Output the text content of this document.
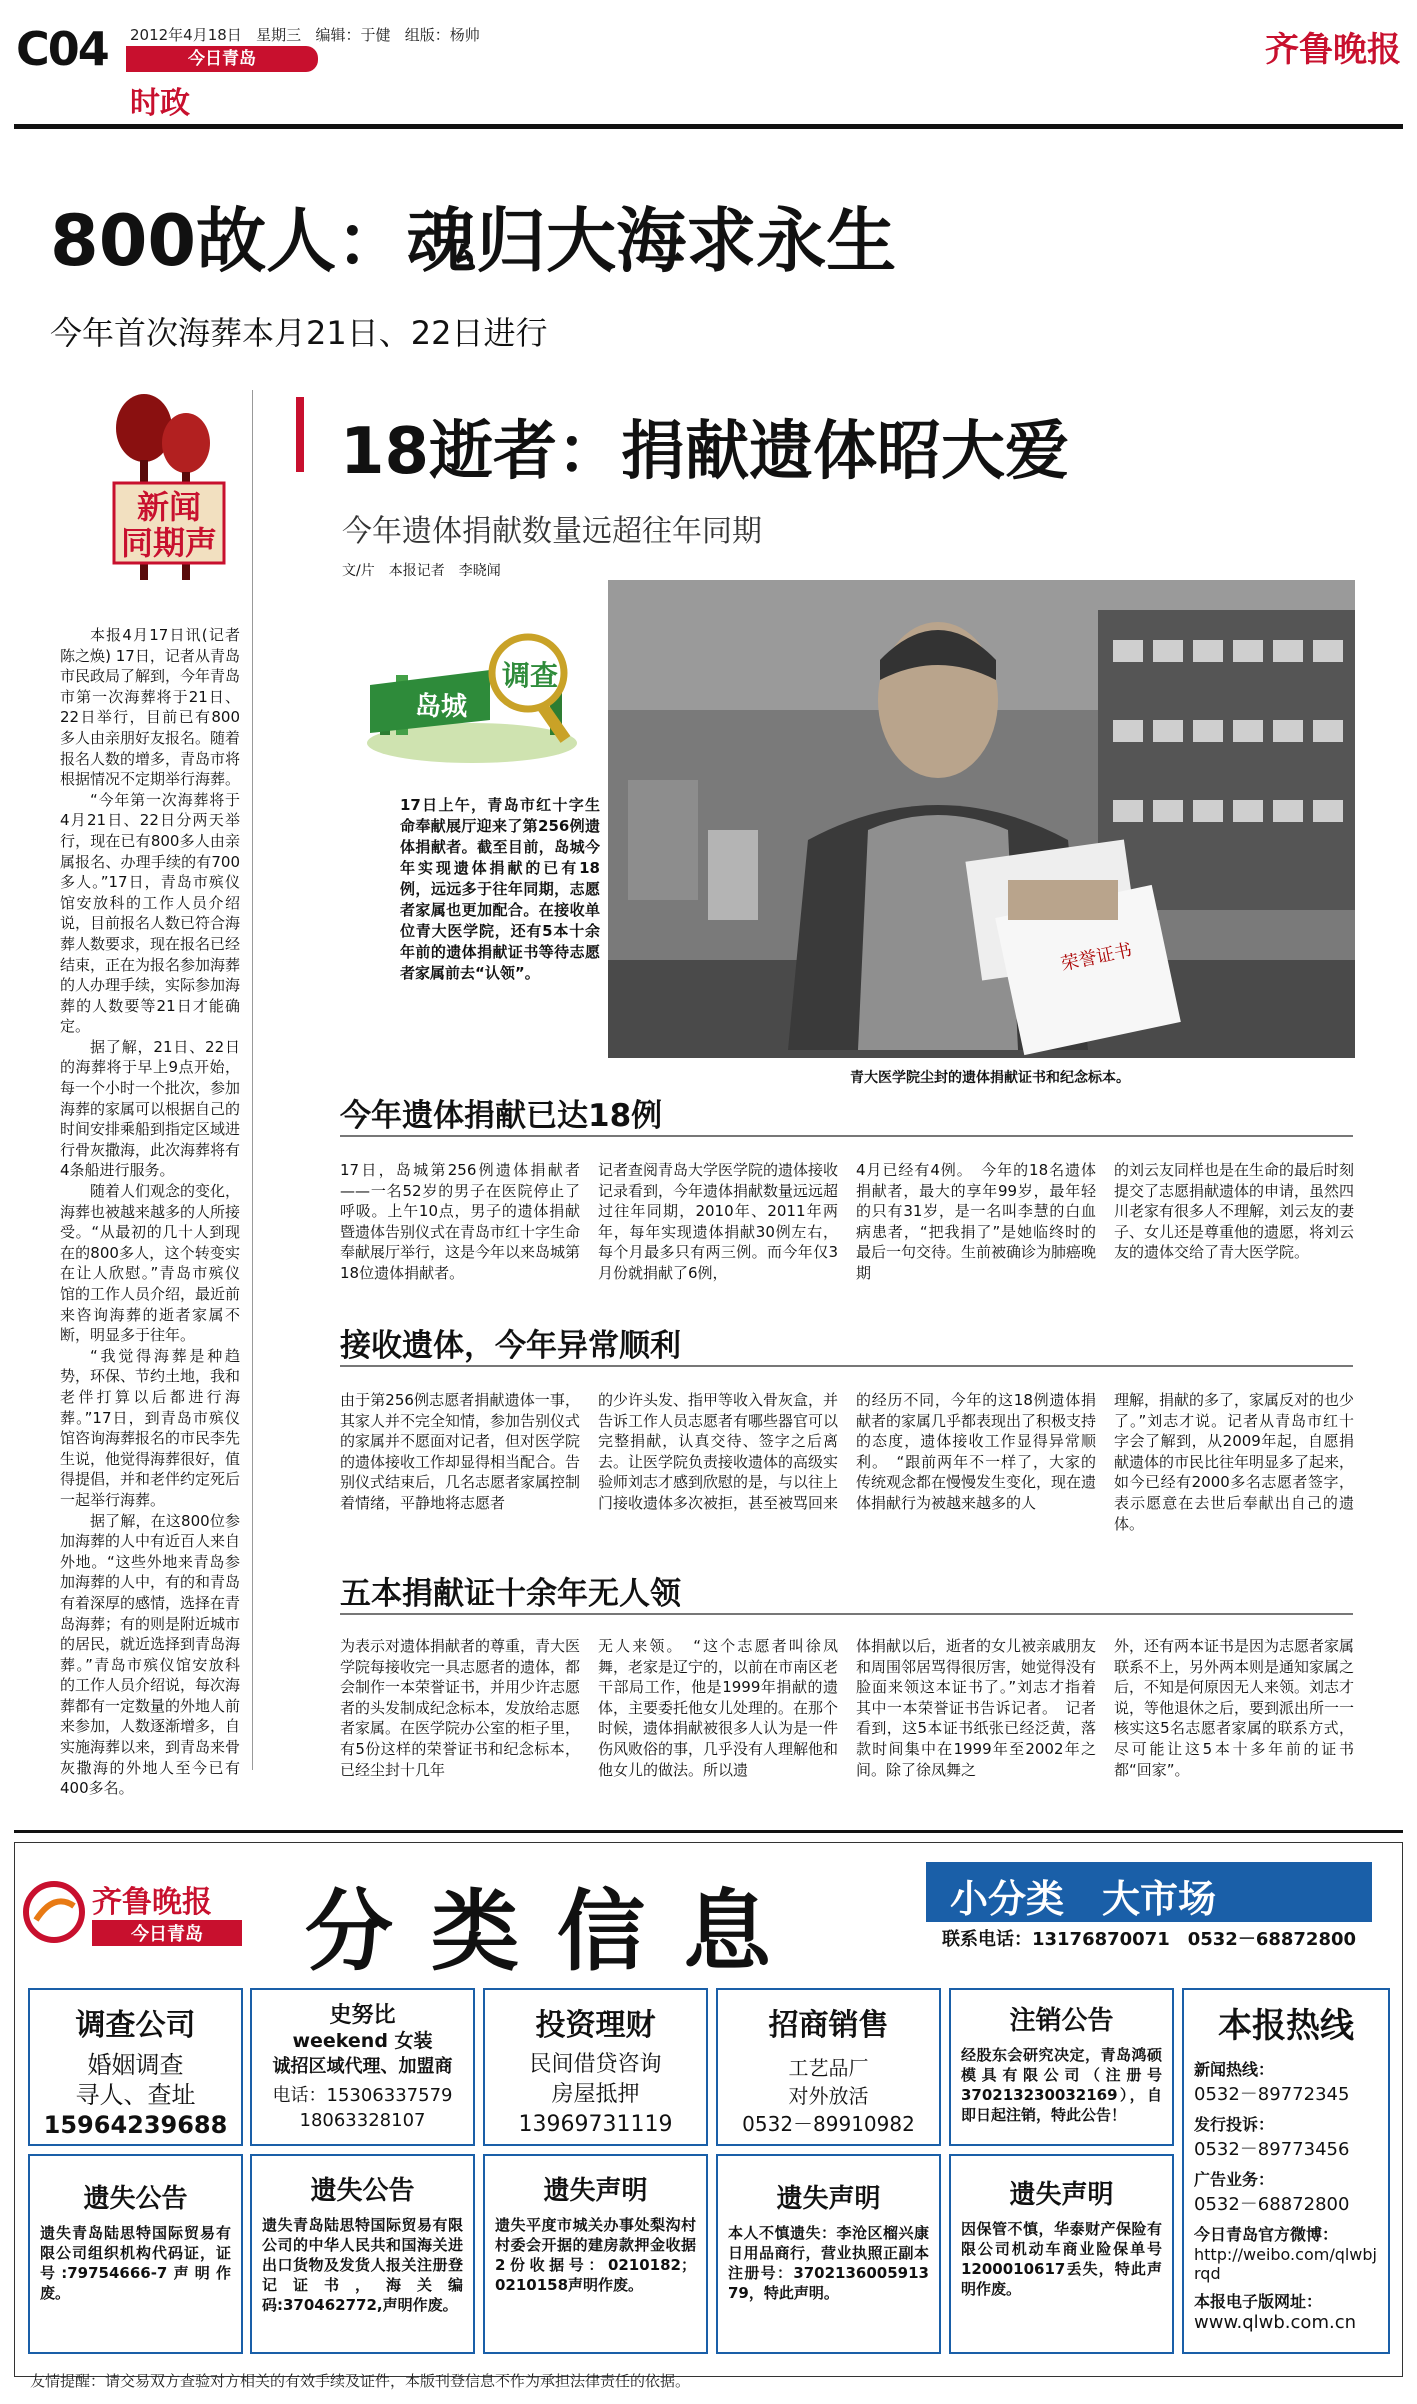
C04 2012年4月18日 星期三 编辑：于健 组版：杨帅
今日青岛
时政
齐鲁晚报
800故人：魂归大海求永生
今年首次海葬本月21日、22日进行
新闻
同期声

本报4月17日讯(记者 陈之焕) 17日，记者从青岛市民政局了解到，今年青岛市第一次海葬将于21日、22日举行，目前已有800多人由亲朋好友报名。随着报名人数的增多，青岛市将根据情况不定期举行海葬。

“今年第一次海葬将于4月21日、22日分两天举行，现在已有800多人由亲属报名、办理手续的有700多人。”17日，青岛市殡仪馆安放科的工作人员介绍说，目前报名人数已符合海葬人数要求，现在报名已经结束，正在为报名参加海葬的人办理手续，实际参加海葬的人数要等21日才能确定。

据了解，21日、22日的海葬将于早上9点开始，每一个小时一个批次，参加海葬的家属可以根据自己的时间安排乘船到指定区域进行骨灰撒海，此次海葬将有4条船进行服务。

随着人们观念的变化，海葬也被越来越多的人所接受。“从最初的几十人到现在的800多人，这个转变实在让人欣慰。”青岛市殡仪馆的工作人员介绍，最近前来咨询海葬的逝者家属不断，明显多于往年。

“我觉得海葬是种趋势，环保、节约土地，我和老伴打算以后都进行海葬。”17日，到青岛市殡仪馆咨询海葬报名的市民李先生说，他觉得海葬很好，值得提倡，并和老伴约定死后一起举行海葬。

据了解，在这800位参加海葬的人中有近百人来自外地。“这些外地来青岛参加海葬的人中，有的和青岛有着深厚的感情，选择在青岛海葬；有的则是附近城市的居民，就近选择到青岛海葬。”青岛市殡仪馆安放科的工作人员介绍说，每次海葬都有一定数量的外地人前来参加，人数逐渐增多，自实施海葬以来，到青岛来骨灰撒海的外地人至今已有400多名。

18逝者：捐献遗体昭大爱
今年遗体捐献数量远超往年同期
文/片　本报记者　李晓闻
岛城
调查
17日上午，青岛市红十字生命奉献展厅迎来了第256例遗体捐献者。截至目前，岛城今年实现遗体捐献的已有18例，远远多于往年同期，志愿者家属也更加配合。在接收单位青大医学院，还有5本十余年前的遗体捐献证书等待志愿者家属前去“认领”。	荣誉证书
青大医学院尘封的遗体捐献证书和纪念标本。
今年遗体捐献已达18例
17日，岛城第256例遗体捐献者——一名52岁的男子在医院停止了呼吸。上午10点，男子的遗体捐献暨遗体告别仪式在青岛市红十字生命奉献展厅举行，这是今年以来岛城第18位遗体捐献者。
记者查阅青岛大学医学院的遗体接收记录看到，今年遗体捐献数量远远超过往年同期，2010年、2011年两年，每年实现遗体捐献30例左右，每个月最多只有两三例。而今年仅3月份就捐献了6例，
4月已经有4例。　今年的18名遗体捐献者，最大的享年99岁，最年轻的只有31岁，是一名叫李慧的白血病患者，“把我捐了”是她临终时的最后一句交待。生前被确诊为肺癌晚期
的刘云友同样也是在生命的最后时刻提交了志愿捐献遗体的申请，虽然四川老家有很多人不理解，刘云友的妻子、女儿还是尊重他的遗愿，将刘云友的遗体交给了青大医学院。
接收遗体，今年异常顺利
由于第256例志愿者捐献遗体一事，其家人并不完全知情，参加告别仪式的家属并不愿面对记者，但对医学院的遗体接收工作却显得相当配合。告别仪式结束后，几名志愿者家属控制着情绪，平静地将志愿者
的少许头发、指甲等收入骨灰盒，并告诉工作人员志愿者有哪些器官可以完整捐献，认真交待、签字之后离去。让医学院负责接收遗体的高级实验师刘志才感到欣慰的是，与以往上门接收遗体多次被拒，甚至被骂回来
的经历不同，今年的这18例遗体捐献者的家属几乎都表现出了积极支持的态度，遗体接收工作显得异常顺利。　“跟前两年不一样了，大家的传统观念都在慢慢发生变化，现在遗体捐献行为被越来越多的人
理解，捐献的多了，家属反对的也少了。”刘志才说。记者从青岛市红十字会了解到，从2009年起，自愿捐献遗体的市民比往年明显多了起来，如今已经有2000多名志愿者签字，表示愿意在去世后奉献出自己的遗体。
五本捐献证十余年无人领
为表示对遗体捐献者的尊重，青大医学院每接收完一具志愿者的遗体，都会制作一本荣誉证书，并用少许志愿者的头发制成纪念标本，发放给志愿者家属。在医学院办公室的柜子里，有5份这样的荣誉证书和纪念标本，已经尘封十几年
无人来领。　“这个志愿者叫徐凤舞，老家是辽宁的，以前在市南区老干部局工作，他是1999年捐献的遗体，主要委托他女儿处理的。在那个时候，遗体捐献被很多人认为是一件伤风败俗的事，几乎没有人理解他和他女儿的做法。所以遗
体捐献以后，逝者的女儿被亲戚朋友和周围邻居骂得很厉害，她觉得没有脸面来领这本证书了。”刘志才指着其中一本荣誉证书告诉记者。　记者看到，这5本证书纸张已经泛黄，落款时间集中在1999年至2002年之间。除了徐凤舞之
外，还有两本证书是因为志愿者家属联系不上，另外两本则是通知家属之后，不知是何原因无人来领。刘志才说，等他退休之后，要到派出所一一核实这5名志愿者家属的联系方式，尽可能让这5本十多年前的证书都“回家”。
齐鲁晚报
今日青岛 分类信息	小分类　大市场
联系电话：13176870071　0532－68872800
调查公司
婚姻调查
寻人、查址
15964239688
史努比
weekend 女装
诚招区域代理、加盟商
电话：15306337579
18063328107
投资理财
民间借贷咨询
房屋抵押
13969731119
招商销售
工艺品厂
对外放活
0532－89910982
注销公告
经股东会研究决定，青岛鸿硕模具有限公司（注册号370213230032169），自即日起注销，特此公告！
遗失公告
遗失青岛陆思特国际贸易有限公司组织机构代码证，证号:79754666-7声明作废。
遗失公告
遗失青岛陆思特国际贸易有限公司的中华人民共和国海关进出口货物及发货人报关注册登记证书，海关编码:370462772,声明作废。
遗失声明
遗失平度市城关办事处梨沟村村委会开据的建房款押金收据2份收据号：0210182；0210158声明作废。
遗失声明
本人不慎遗失：李沧区榴兴康日用品商行，营业执照正副本注册号：3702136005913 79，特此声明。
遗失声明
因保管不慎，华泰财产保险有限公司机动车商业险保单号1200010617丢失，特此声明作废。
本报热线
新闻热线：
0532－89772345
发行投诉：
0532－89773456
广告业务：
0532－68872800
今日青岛官方微博：
http://weibo.com/qlwbjrqd
本报电子版网址：
www.qlwb.com.cn
友情提醒：请交易双方查验对方相关的有效手续及证件，本版刊登信息不作为承担法律责任的依据。
